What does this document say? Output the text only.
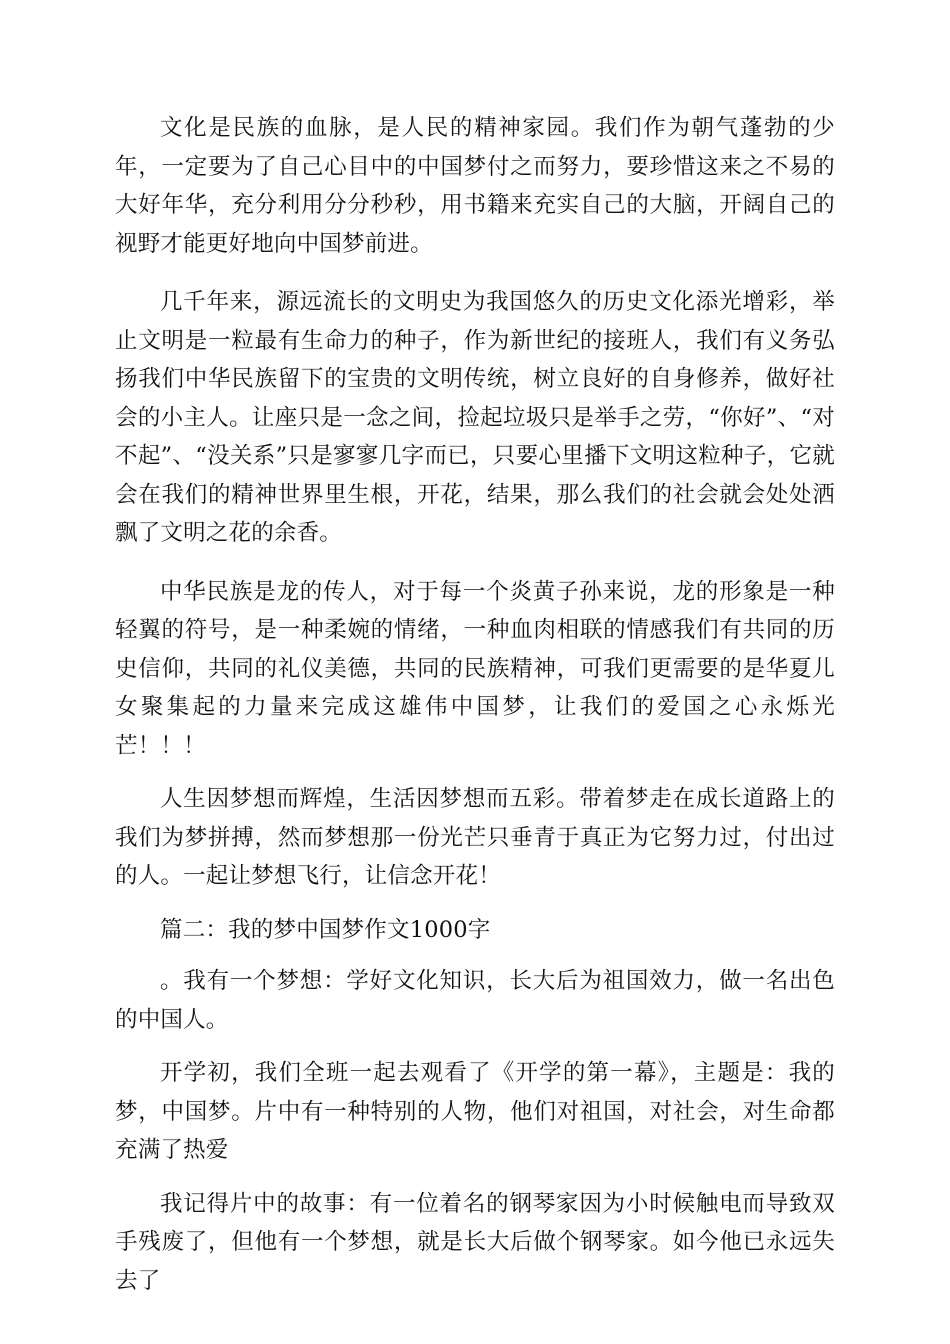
文化是民族的血脉，是人民的精神家园。我们作为朝气蓬勃的少年，一定要为了自己心目中的中国梦付之而努力，要珍惜这来之不易的大好年华，充分利用分分秒秒，用书籍来充实自己的大脑，开阔自己的视野才能更好地向中国梦前进。

几千年来，源远流长的文明史为我国悠久的历史文化添光增彩，举止文明是一粒最有生命力的种子，作为新世纪的接班人，我们有义务弘扬我们中华民族留下的宝贵的文明传统，树立良好的自身修养，做好社会的小主人。让座只是一念之间，捡起垃圾只是举手之劳，“你好”、“对不起”、“没关系”只是寥寥几字而已，只要心里播下文明这粒种子，它就会在我们的精神世界里生根，开花，结果，那么我们的社会就会处处洒飘了文明之花的余香。

中华民族是龙的传人，对于每一个炎黄子孙来说，龙的形象是一种轻翼的符号，是一种柔婉的情绪，一种血肉相联的情感我们有共同的历史信仰，共同的礼仪美德，共同的民族精神，可我们更需要的是华夏儿女聚集起的力量来完成这雄伟中国梦，让我们的爱国之心永烁光芒！！！

人生因梦想而辉煌，生活因梦想而五彩。带着梦走在成长道路上的我们为梦拼搏，然而梦想那一份光芒只垂青于真正为它努力过，付出过的人。一起让梦想飞行，让信念开花！

篇二：我的梦中国梦作文1000字

。我有一个梦想：学好文化知识，长大后为祖国效力，做一名出色的中国人。

开学初，我们全班一起去观看了《开学的第一幕》，主题是：我的梦，中国梦。片中有一种特别的人物，他们对祖国，对社会，对生命都充满了热爱

我记得片中的故事：有一位着名的钢琴家因为小时候触电而导致双手残废了，但他有一个梦想，就是长大后做个钢琴家。如今他已永远失去了
